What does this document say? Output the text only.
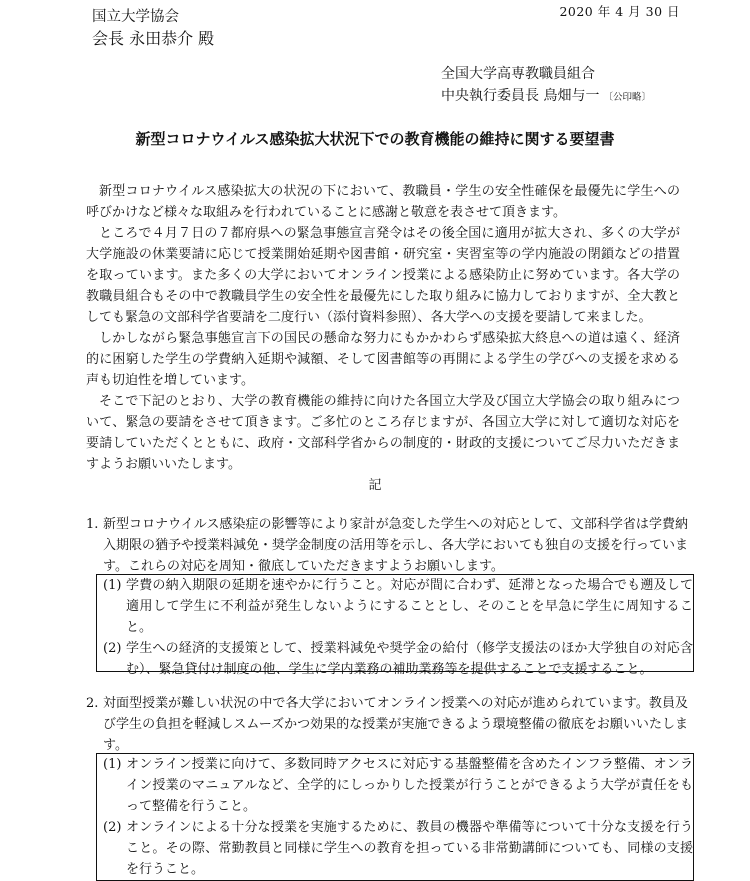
2020 年 4 月 30 日
国立大学協会
会長 永田恭介 殿
全国大学高専教職員組合
中央執行委員長 鳥畑与一 〔公印略〕
新型コロナウイルス感染拡大状況下での教育機能の維持に関する要望書

新型コロナウイルス感染拡大の状況の下において、教職員・学生の安全性確保を最優先に学生への呼びかけなど様々な取組みを行われていることに感謝と敬意を表させて頂きます。

ところで４月７日の７都府県への緊急事態宣言発令はその後全国に適用が拡大され、多くの大学が大学施設の休業要請に応じて授業開始延期や図書館・研究室・実習室等の学内施設の閉鎖などの措置を取っています。また多くの大学においてオンライン授業による感染防止に努めています。各大学の教職員組合もその中で教職員学生の安全性を最優先にした取り組みに協力しておりますが、全大教としても緊急の文部科学省要請を二度行い（添付資料参照）、各大学への支援を要請して来ました。

しかしながら緊急事態宣言下の国民の懸命な努力にもかかわらず感染拡大終息への道は遠く、経済的に困窮した学生の学費納入延期や減額、そして図書館等の再開による学生の学びへの支援を求める声も切迫性を増しています。

そこで下記のとおり、大学の教育機能の維持に向けた各国立大学及び国立大学協会の取り組みについて、緊急の要請をさせて頂きます。ご多忙のところ存じますが、各国立大学に対して適切な対応を要請していただくとともに、政府・文部科学省からの制度的・財政的支援についてご尽力いただきますようお願いいたします。

記
1. 新型コロナウイルス感染症の影響等により家計が急変した学生への対応として、文部科学省は学費納入期限の猶予や授業料減免・奨学金制度の活用等を示し、各大学においても独自の支援を行っています。これらの対応を周知・徹底していただきますようお願いします。
(1) 学費の納入期限の延期を速やかに行うこと。対応が間に合わず、延滞となった場合でも遡及して適用して学生に不利益が発生しないようにすることとし、そのことを早急に学生に周知すること。
(2) 学生への経済的支援策として、授業料減免や奨学金の給付（修学支援法のほか大学独自の対応含む）、緊急貸付け制度の他、学生に学内業務の補助業務等を提供することで支援すること。
2. 対面型授業が難しい状況の中で各大学においてオンライン授業への対応が進められています。教員及び学生の負担を軽減しスムーズかつ効果的な授業が実施できるよう環境整備の徹底をお願いいたします。
(1) オンライン授業に向けて、多数同時アクセスに対応する基盤整備を含めたインフラ整備、オンライン授業のマニュアルなど、全学的にしっかりした授業が行うことができるよう大学が責任をもって整備を行うこと。
(2) オンラインによる十分な授業を実施するために、教員の機器や準備等について十分な支援を行うこと。その際、常勤教員と同様に学生への教育を担っている非常勤講師についても、同様の支援を行うこと。
